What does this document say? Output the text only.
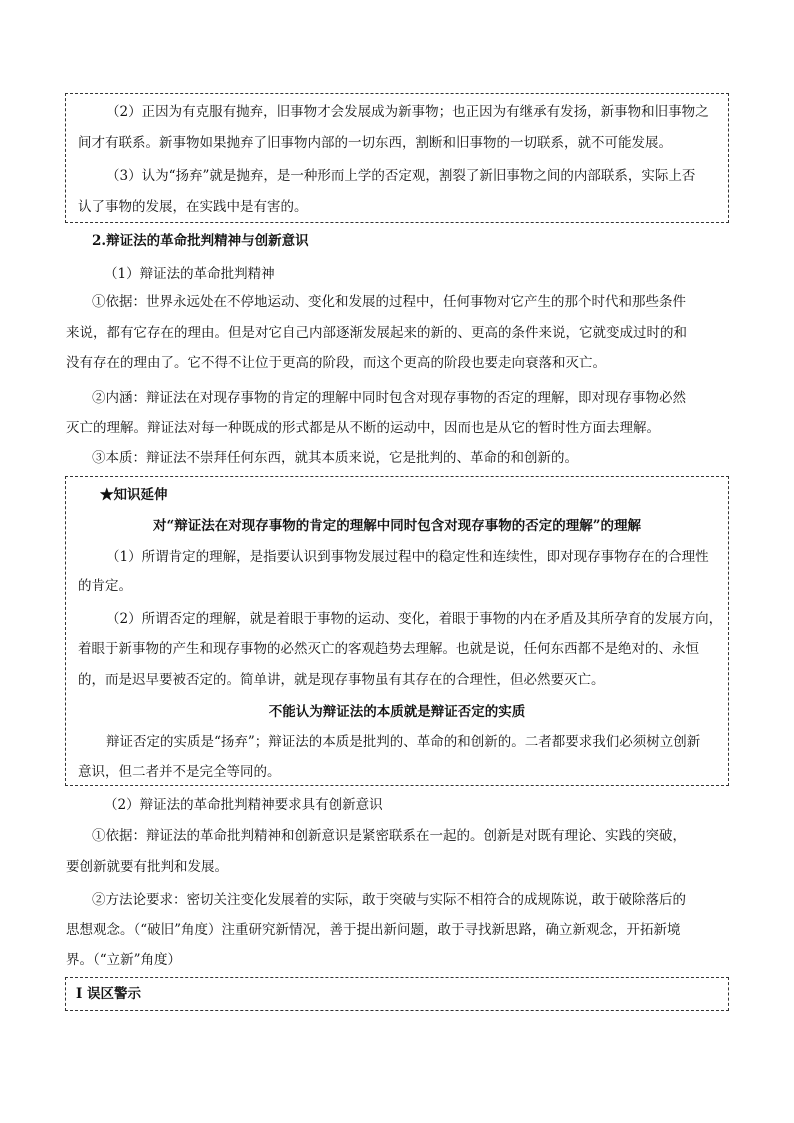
（2）正因为有克服有抛弃，旧事物才会发展成为新事物；也正因为有继承有发扬，新事物和旧事物之
间才有联系。新事物如果抛弃了旧事物内部的一切东西，割断和旧事物的一切联系，就不可能发展。
（3）认为“扬弃”就是抛弃，是一种形而上学的否定观，割裂了新旧事物之间的内部联系，实际上否
认了事物的发展，在实践中是有害的。
2.辩证法的革命批判精神与创新意识
（1）辩证法的革命批判精神
①依据：世界永远处在不停地运动、变化和发展的过程中，任何事物对它产生的那个时代和那些条件
来说，都有它存在的理由。但是对它自己内部逐渐发展起来的新的、更高的条件来说，它就变成过时的和
没有存在的理由了。它不得不让位于更高的阶段，而这个更高的阶段也要走向衰落和灭亡。
②内涵：辩证法在对现存事物的肯定的理解中同时包含对现存事物的否定的理解，即对现存事物必然
灭亡的理解。辩证法对每一种既成的形式都是从不断的运动中，因而也是从它的暂时性方面去理解。
③本质：辩证法不崇拜任何东西，就其本质来说，它是批判的、革命的和创新的。
★知识延伸
对“辩证法在对现存事物的肯定的理解中同时包含对现存事物的否定的理解”的理解
（1）所谓肯定的理解，是指要认识到事物发展过程中的稳定性和连续性，即对现存事物存在的合理性
的肯定。
（2）所谓否定的理解，就是着眼于事物的运动、变化，着眼于事物的内在矛盾及其所孕育的发展方向，
着眼于新事物的产生和现存事物的必然灭亡的客观趋势去理解。也就是说，任何东西都不是绝对的、永恒
的，而是迟早要被否定的。简单讲，就是现存事物虽有其存在的合理性，但必然要灭亡。
不能认为辩证法的本质就是辩证否定的实质
辩证否定的实质是“扬弃”；辩证法的本质是批判的、革命的和创新的。二者都要求我们必须树立创新
意识，但二者并不是完全等同的。
（2）辩证法的革命批判精神要求具有创新意识
①依据：辩证法的革命批判精神和创新意识是紧密联系在一起的。创新是对既有理论、实践的突破，
要创新就要有批判和发展。
②方法论要求：密切关注变化发展着的实际，敢于突破与实际不相符合的成规陈说，敢于破除落后的
思想观念。（“破旧”角度）注重研究新情况，善于提出新问题，敢于寻找新思路，确立新观念，开拓新境
界。（“立新”角度）
Ⅰ 误区警示
